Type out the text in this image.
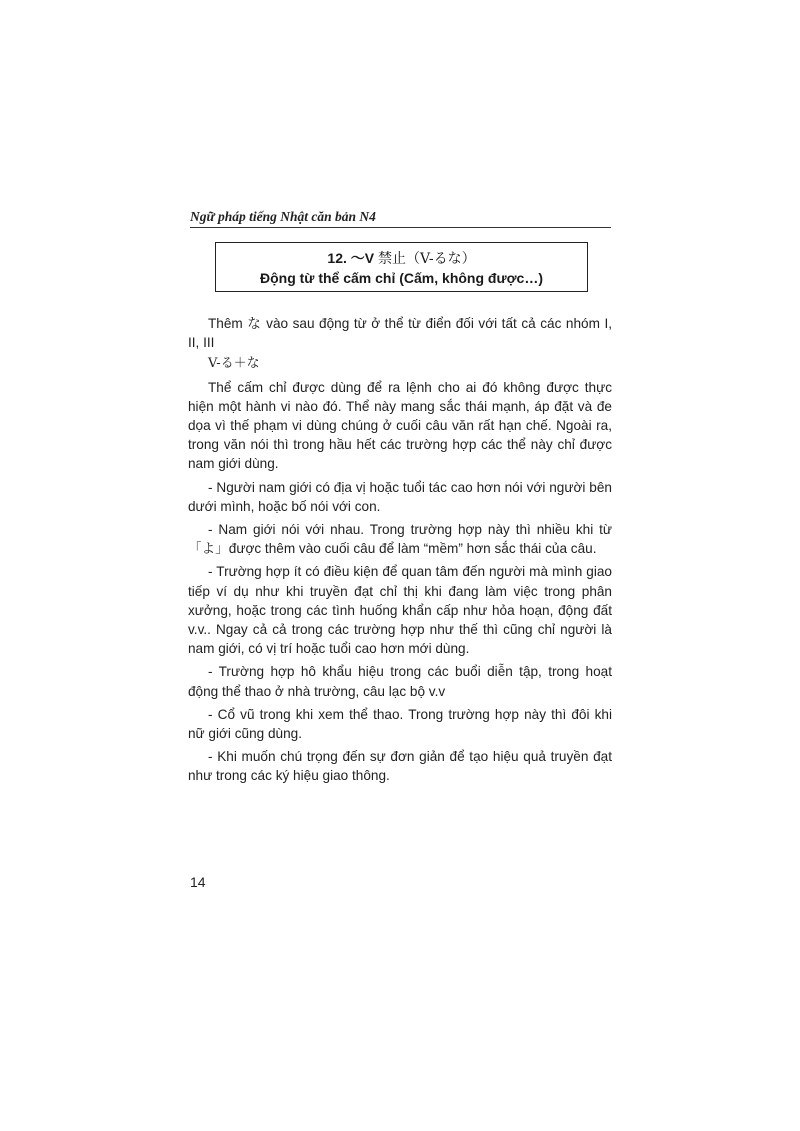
Ngữ pháp tiếng Nhật căn bản N4
12. ～V 禁止（V-るな）
Động từ thể cấm chỉ (Cấm, không được…)

Thêm な vào sau động từ ở thể từ điển đối với tất cả các nhóm I, II, III

V-る＋な

Thể cấm chỉ được dùng để ra lệnh cho ai đó không được thực hiện một hành vi nào đó. Thể này mang sắc thái mạnh, áp đặt và đe dọa vì thế phạm vi dùng chúng ở cuối câu văn rất hạn chế. Ngoài ra, trong văn nói thì trong hầu hết các trường hợp các thể này chỉ được nam giới dùng.

- Người nam giới có địa vị hoặc tuổi tác cao hơn nói với người bên dưới mình, hoặc bố nói với con.

- Nam giới nói với nhau. Trong trường hợp này thì nhiều khi từ「よ」được thêm vào cuối câu để làm “mềm” hơn sắc thái của câu.

- Trường hợp ít có điều kiện để quan tâm đến người mà mình giao tiếp ví dụ như khi truyền đạt chỉ thị khi đang làm việc trong phân xưởng, hoặc trong các tình huống khẩn cấp như hỏa hoạn, động đất v.v.. Ngay cả cả trong các trường hợp như thế thì cũng chỉ người là nam giới, có vị trí hoặc tuổi cao hơn mới dùng.

- Trường hợp hô khẩu hiệu trong các buổi diễn tập, trong hoạt động thể thao ở nhà trường, câu lạc bộ v.v

- Cổ vũ trong khi xem thể thao. Trong trường hợp này thì đôi khi nữ giới cũng dùng.

- Khi muốn chú trọng đến sự đơn giản để tạo hiệu quả truyền đạt như trong các ký hiệu giao thông.

14
